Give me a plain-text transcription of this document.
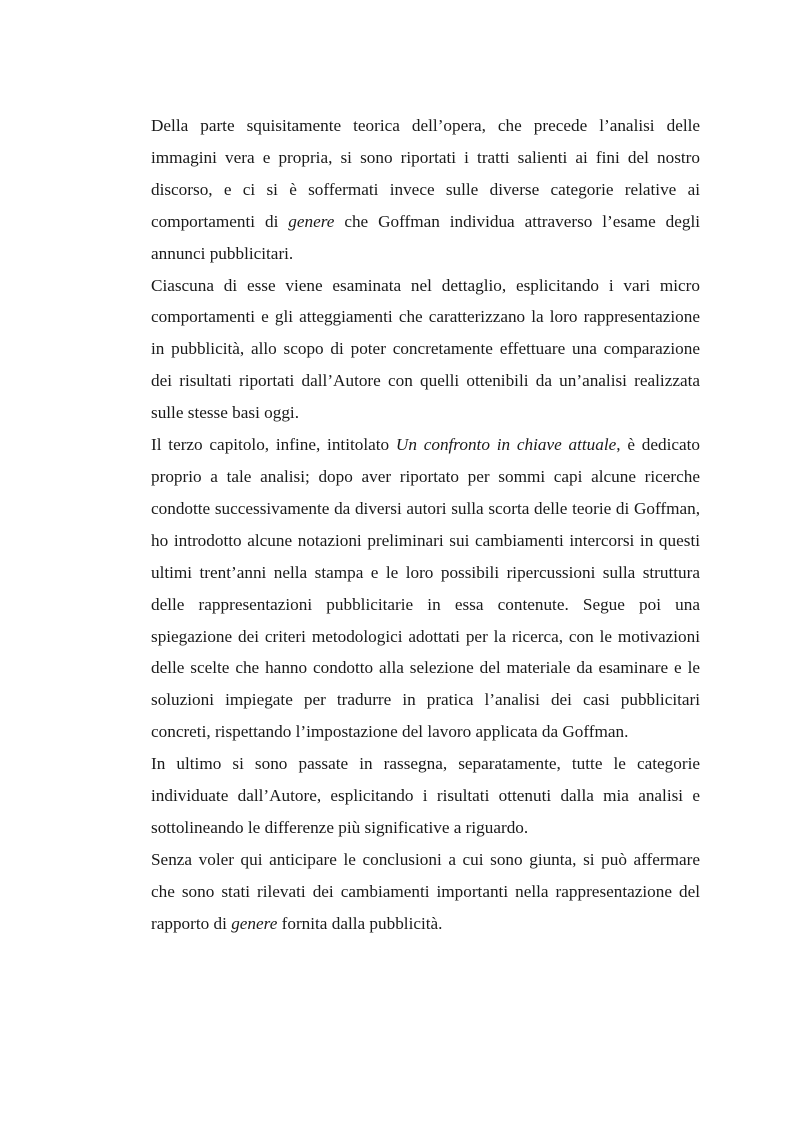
Della parte squisitamente teorica dell’opera, che precede l’analisi delle immagini vera e propria, si sono riportati i tratti salienti ai fini del nostro discorso, e ci si è soffermati invece sulle diverse categorie relative ai comportamenti di genere che Goffman individua attraverso l’esame degli annunci pubblicitari.

Ciascuna di esse viene esaminata nel dettaglio, esplicitando i vari micro comportamenti e gli atteggiamenti che caratterizzano la loro rappresentazione in pubblicità, allo scopo di poter concretamente effettuare una comparazione dei risultati riportati dall’Autore con quelli ottenibili da un’analisi realizzata sulle stesse basi oggi.

Il terzo capitolo, infine, intitolato Un confronto in chiave attuale, è dedicato proprio a tale analisi; dopo aver riportato per sommi capi alcune ricerche condotte successivamente da diversi autori sulla scorta delle teorie di Goffman, ho introdotto alcune notazioni preliminari sui cambiamenti intercorsi in questi ultimi trent’anni nella stampa e le loro possibili ripercussioni sulla struttura delle rappresentazioni pubblicitarie in essa contenute. Segue poi una spiegazione dei criteri metodologici adottati per la ricerca, con le motivazioni delle scelte che hanno condotto alla selezione del materiale da esaminare e le soluzioni impiegate per tradurre in pratica l’analisi dei casi pubblicitari concreti, rispettando l’impostazione del lavoro applicata da Goffman.

In ultimo si sono passate in rassegna, separatamente, tutte le categorie individuate dall’Autore, esplicitando i risultati ottenuti dalla mia analisi e sottolineando le differenze più significative a riguardo.

Senza voler qui anticipare le conclusioni a cui sono giunta, si può affermare che sono stati rilevati dei cambiamenti importanti nella rappresentazione del rapporto di genere fornita dalla pubblicità.
